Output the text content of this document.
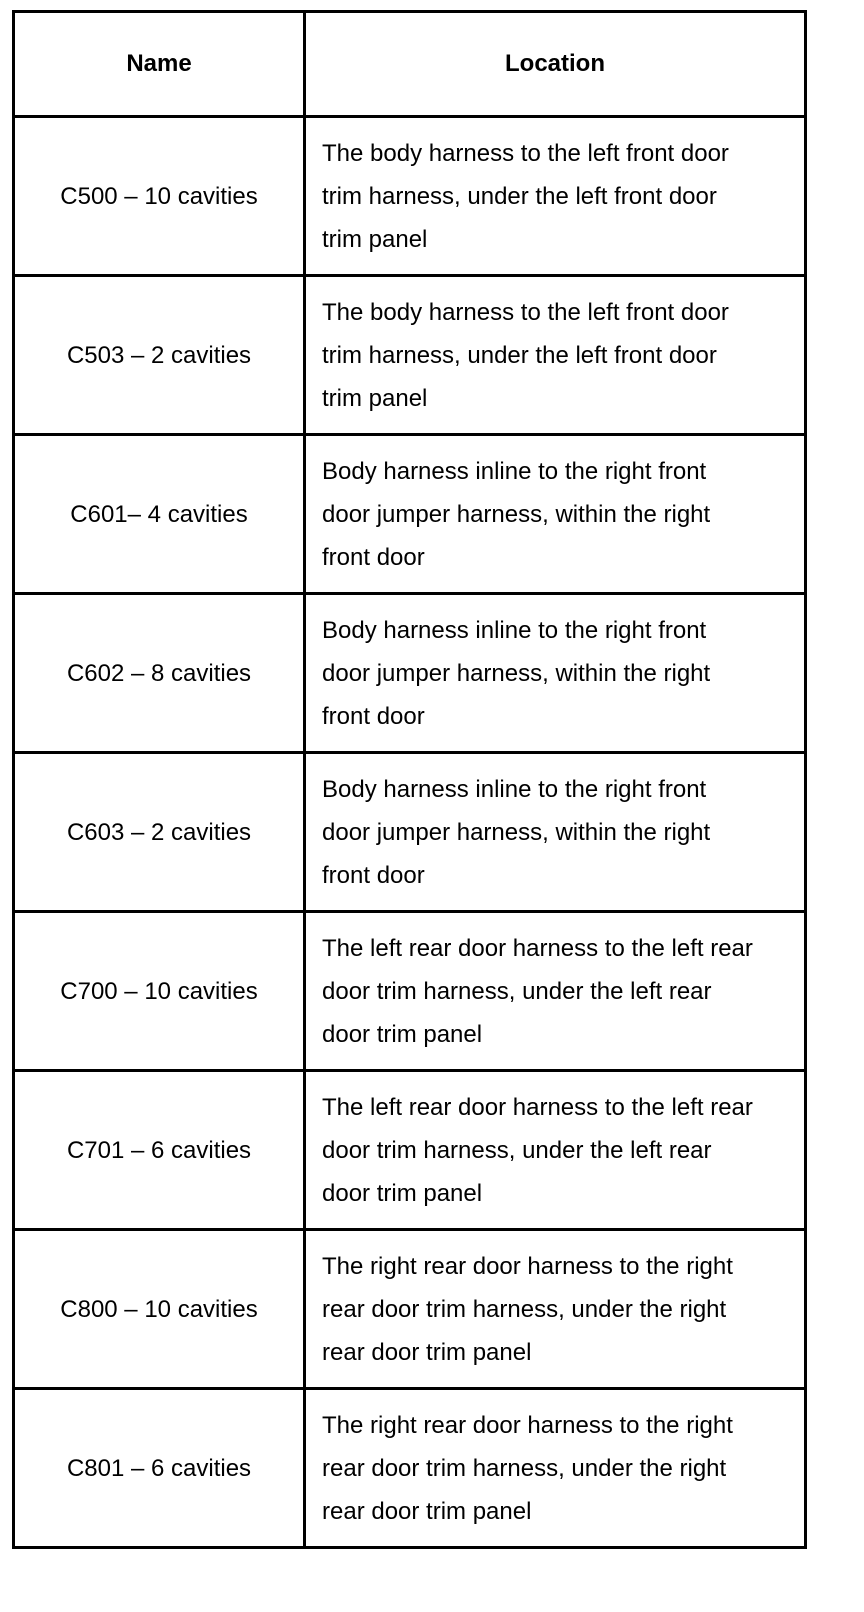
Name	Location
C500 – 10 cavities	The body harness to the left front door trim harness, under the left front door trim panel
C503 – 2 cavities	The body harness to the left front door trim harness, under the left front door trim panel
C601– 4 cavities	Body harness inline to the right front door jumper harness, within the right front door
C602 – 8 cavities	Body harness inline to the right front door jumper harness, within the right front door
C603 – 2 cavities	Body harness inline to the right front door jumper harness, within the right front door
C700 – 10 cavities	The left rear door harness to the left rear door trim harness, under the left rear door trim panel
C701 – 6 cavities	The left rear door harness to the left rear door trim harness, under the left rear door trim panel
C800 – 10 cavities	The right rear door harness to the right rear door trim harness, under the right rear door trim panel
C801 – 6 cavities	The right rear door harness to the right rear door trim harness, under the right rear door trim panel
